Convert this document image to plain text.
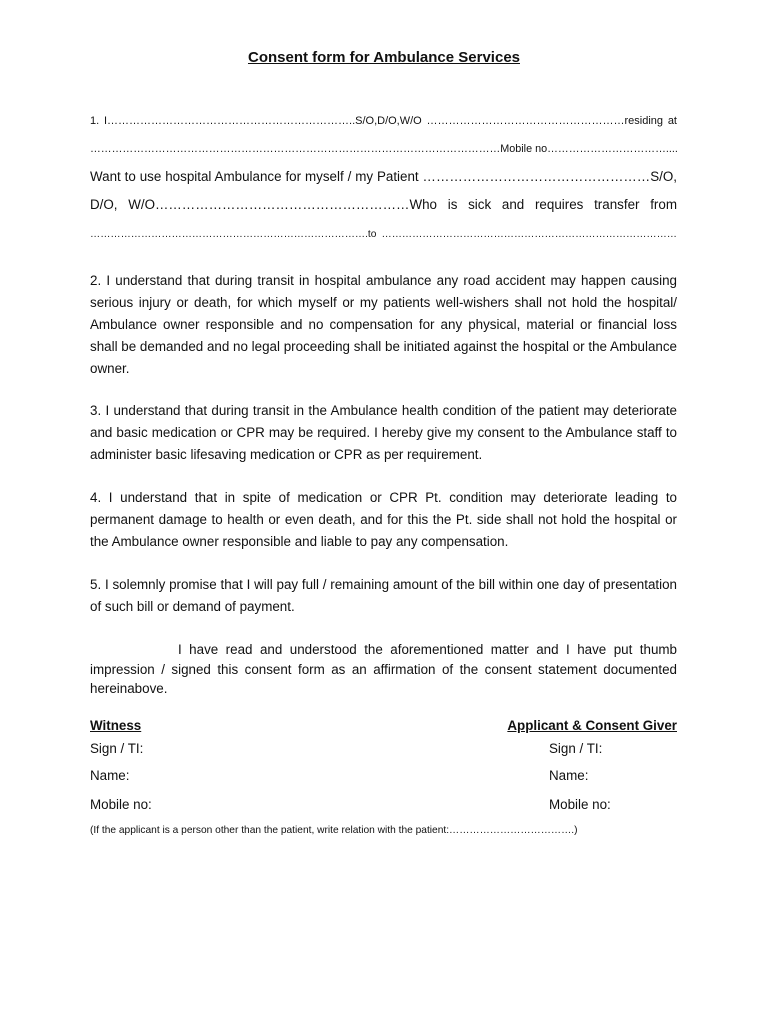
Consent form for Ambulance Services

1. I…………………………………………………………..S/O,D/O,W/O ………………………………………………residing at

……………………………………………………………………………………………………Mobile no……………………………....

Want to use hospital Ambulance for myself / my Patient ……………………………………………S/O,

D/O, W/O…………………………………………………Who is sick and requires transfer from

……………………………………………………………………….to ……………………………………………………………………………

2. I understand that during transit in hospital ambulance any road accident may happen causing serious injury or death, for which myself or my patients well-wishers shall not hold the hospital/ Ambulance owner responsible and no compensation for any physical, material or financial loss shall be demanded and no legal proceeding shall be initiated against the hospital or the Ambulance owner.

3. I understand that during transit in the Ambulance health condition of the patient may deteriorate and basic medication or CPR may be required. I hereby give my consent to the Ambulance staff to administer basic lifesaving medication or CPR as per requirement.

4. I understand that in spite of medication or CPR Pt. condition may deteriorate leading to permanent damage to health or even death, and for this the Pt. side shall not hold the hospital or the Ambulance owner responsible and liable to pay any compensation.

5. I solemnly promise that I will pay full / remaining amount of the bill within one day of presentation of such bill or demand of payment.

I have read and understood the aforementioned matter and I have put thumb impression / signed this consent form as an affirmation of the consent statement documented hereinabove.

Witness

Sign / TI:

Name:

Mobile no:

Applicant & Consent Giver

Sign / TI:

Name:

Mobile no:

(If the applicant is a person other than the patient, write relation with the patient:……………………………….)
